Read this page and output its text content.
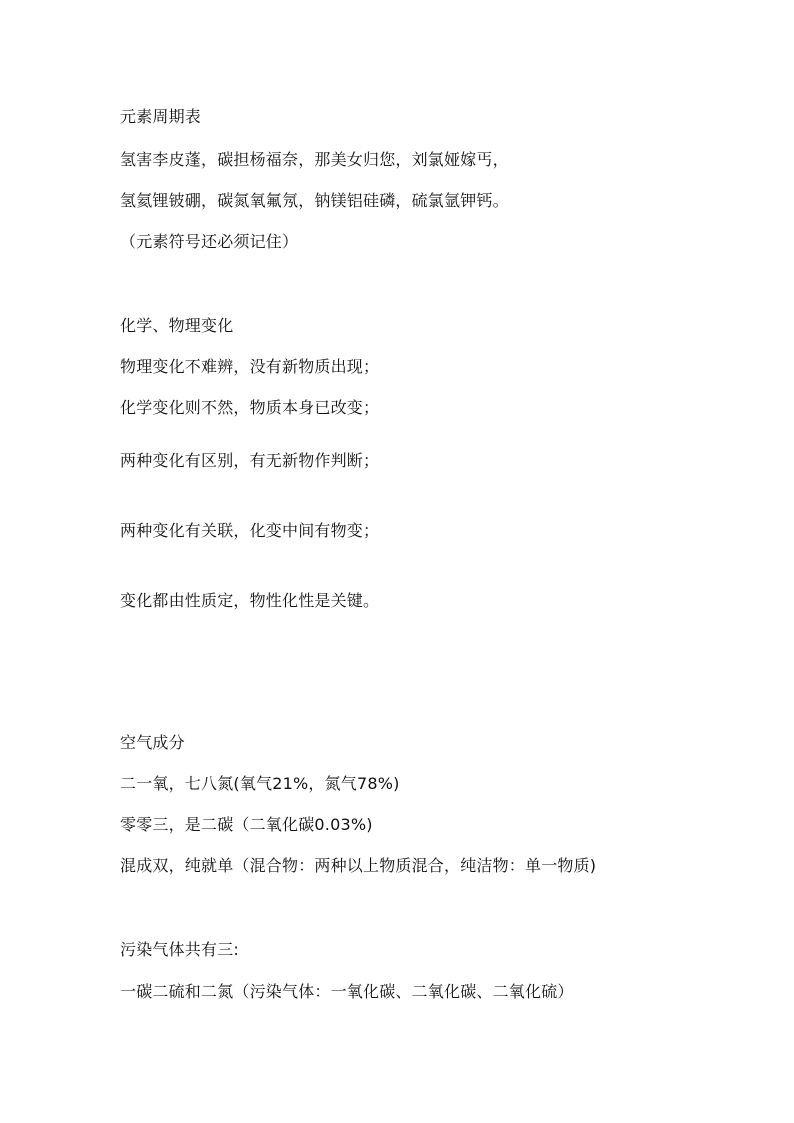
元素周期表
氢害李皮蓬，碳担杨福奈，那美女归您，刘氯娅嫁丐，
氢氦锂铍硼，碳氮氧氟氖，钠镁铝硅磷，硫氯氩钾钙。
（元素符号还必须记住）
化学、物理变化
物理变化不难辨，没有新物质出现；
化学变化则不然，物质本身已改变；
两种变化有区别，有无新物作判断；
两种变化有关联，化变中间有物变；
变化都由性质定，物性化性是关键。
空气成分
二一氧，七八氮(氧气21%，氮气78%)
零零三，是二碳（二氧化碳0.03%)
混成双，纯就单（混合物：两种以上物质混合，纯洁物：单一物质)
污染气体共有三:
一碳二硫和二氮（污染气体：一氧化碳、二氧化碳、二氧化硫）
